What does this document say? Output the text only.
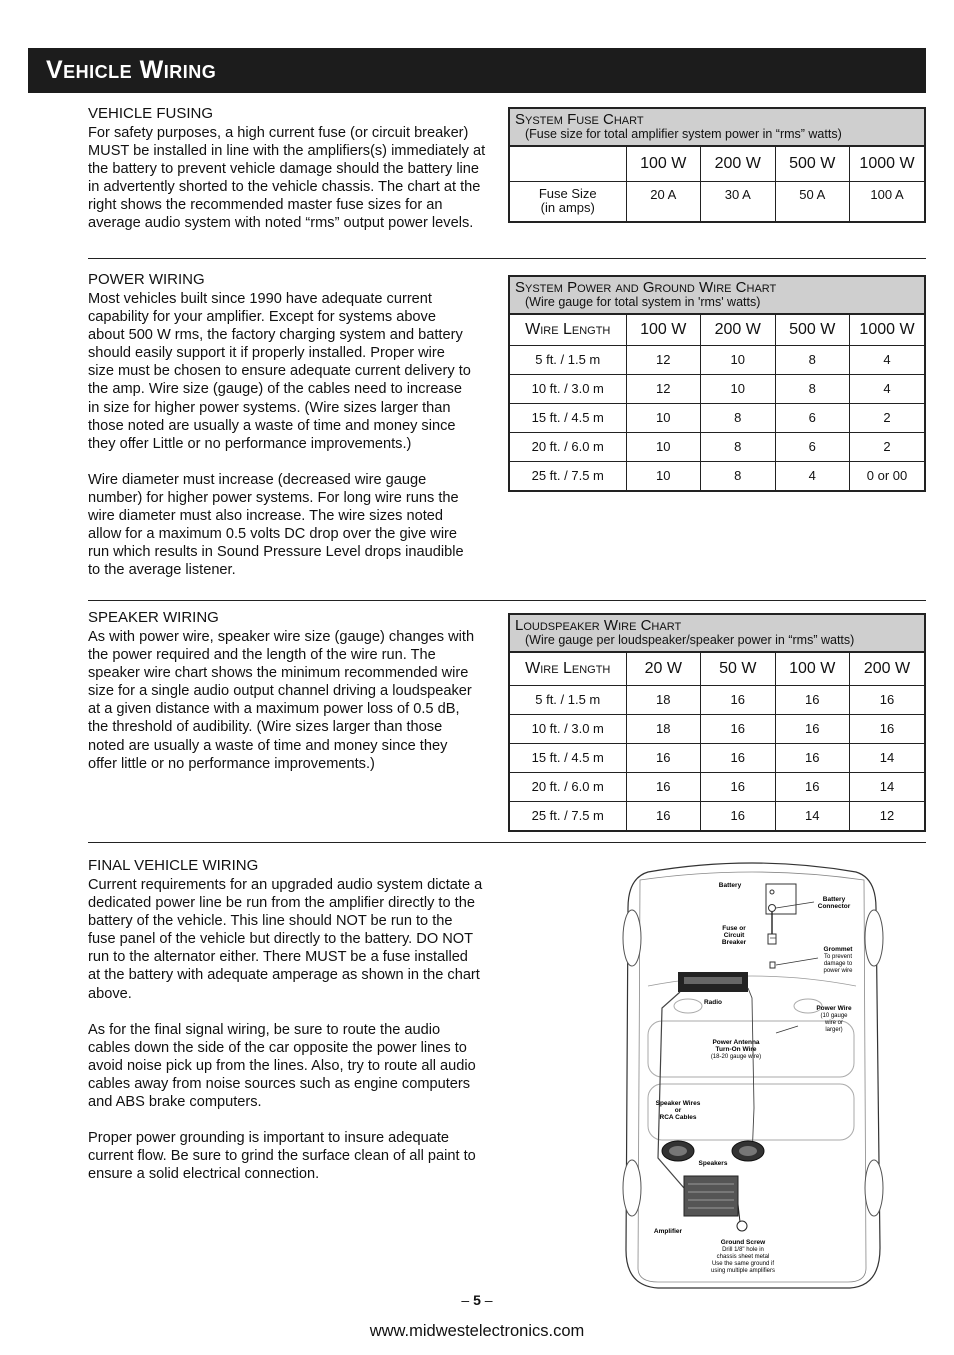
Vehicle Wiring
VEHICLE FUSING

For safety purposes, a high current fuse (or circuit breaker)
MUST be installed in line with the amplifiers(s) immediately at
the battery to prevent vehicle damage should the battery line
in advertently shorted to the vehicle chassis. The chart at the
right shows the recommended master fuse sizes for an
average audio system with noted “rms” output power levels.

System Fuse Chart
(Fuse size for total amplifier system power in “rms” watts)
	100 W	200 W	500 W	1000 W
Fuse Size
(in amps)	20 A	30 A	50 A	100 A
POWER WIRING

Most vehicles built since 1990 have adequate current
capability for your amplifier. Except for systems above
about 500 W rms, the factory charging system and battery
should easily support it if properly installed. Proper wire
size must be chosen to ensure adequate current delivery to
the amp. Wire size (gauge) of the cables need to increase
in size for higher power systems. (Wire sizes larger than
those noted are usually a waste of time and money since
they offer Little or no performance improvements.)

Wire diameter must increase (decreased wire gauge
number) for higher power systems. For long wire runs the
wire diameter must also increase. The wire sizes noted
allow for a maximum 0.5 volts DC drop over the give wire
run which results in Sound Pressure Level drops inaudible
to the average listener.

System Power and Ground Wire Chart
(Wire gauge for total system in 'rms' watts)
Wire Length	100 W	200 W	500 W	1000 W
5 ft. / 1.5 m	12	10	8	4
10 ft. / 3.0 m	12	10	8	4
15 ft. / 4.5 m	10	8	6	2
20 ft. / 6.0 m	10	8	6	2
25 ft. / 7.5 m	10	8	4	0 or 00
SPEAKER WIRING

As with power wire, speaker wire size (gauge) changes with
the power required and the length of the wire run. The
speaker wire chart shows the minimum recommended wire
size for a single audio output channel driving a loudspeaker
at a given distance with a maximum power loss of 0.5 dB,
the threshold of audibility. (Wire sizes larger than those
noted are usually a waste of time and money since they
offer little or no performance improvements.)

Loudspeaker Wire Chart
(Wire gauge per loudspeaker/speaker power in “rms” watts)
Wire Length	20 W	50 W	100 W	200 W
5 ft. / 1.5 m	18	16	16	16
10 ft. / 3.0 m	18	16	16	16
15 ft. / 4.5 m	16	16	16	14
20 ft. / 6.0 m	16	16	16	14
25 ft. / 7.5 m	16	16	14	12
FINAL VEHICLE WIRING

Current requirements for an upgraded audio system dictate a
dedicated power line be run from the amplifier directly to the
battery of the vehicle. This line should NOT be run to the
fuse panel of the vehicle but directly to the battery. DO NOT
run to the alternator either. There MUST be a fuse installed
at the battery with adequate amperage as shown in the chart
above.

As for the final signal wiring, be sure to route the audio
cables down the side of the car opposite the power lines to
avoid noise pick up from the lines. Also, try to route all audio
cables away from noise sources such as engine computers
and ABS brake computers.

Proper power grounding is important to insure adequate
current flow. Be sure to grind the surface clean of all paint to
ensure a solid electrical connection.

Battery
Battery
Connector
Fuse or
Circuit
Breaker
Grommet
To prevent
damage to
power wire
Radio
Power Wire
(10 gauge
wire or
larger)
Power Antenna
Turn-On Wire
(18-20 gauge wire)
Speaker Wires
or
RCA Cables
Speakers
Amplifier
Ground Screw
Drill 1/8" hole in
chassis sheet metal
Use the same ground if
using multiple amplifiers
– 5 –
www.midwestelectronics.com
